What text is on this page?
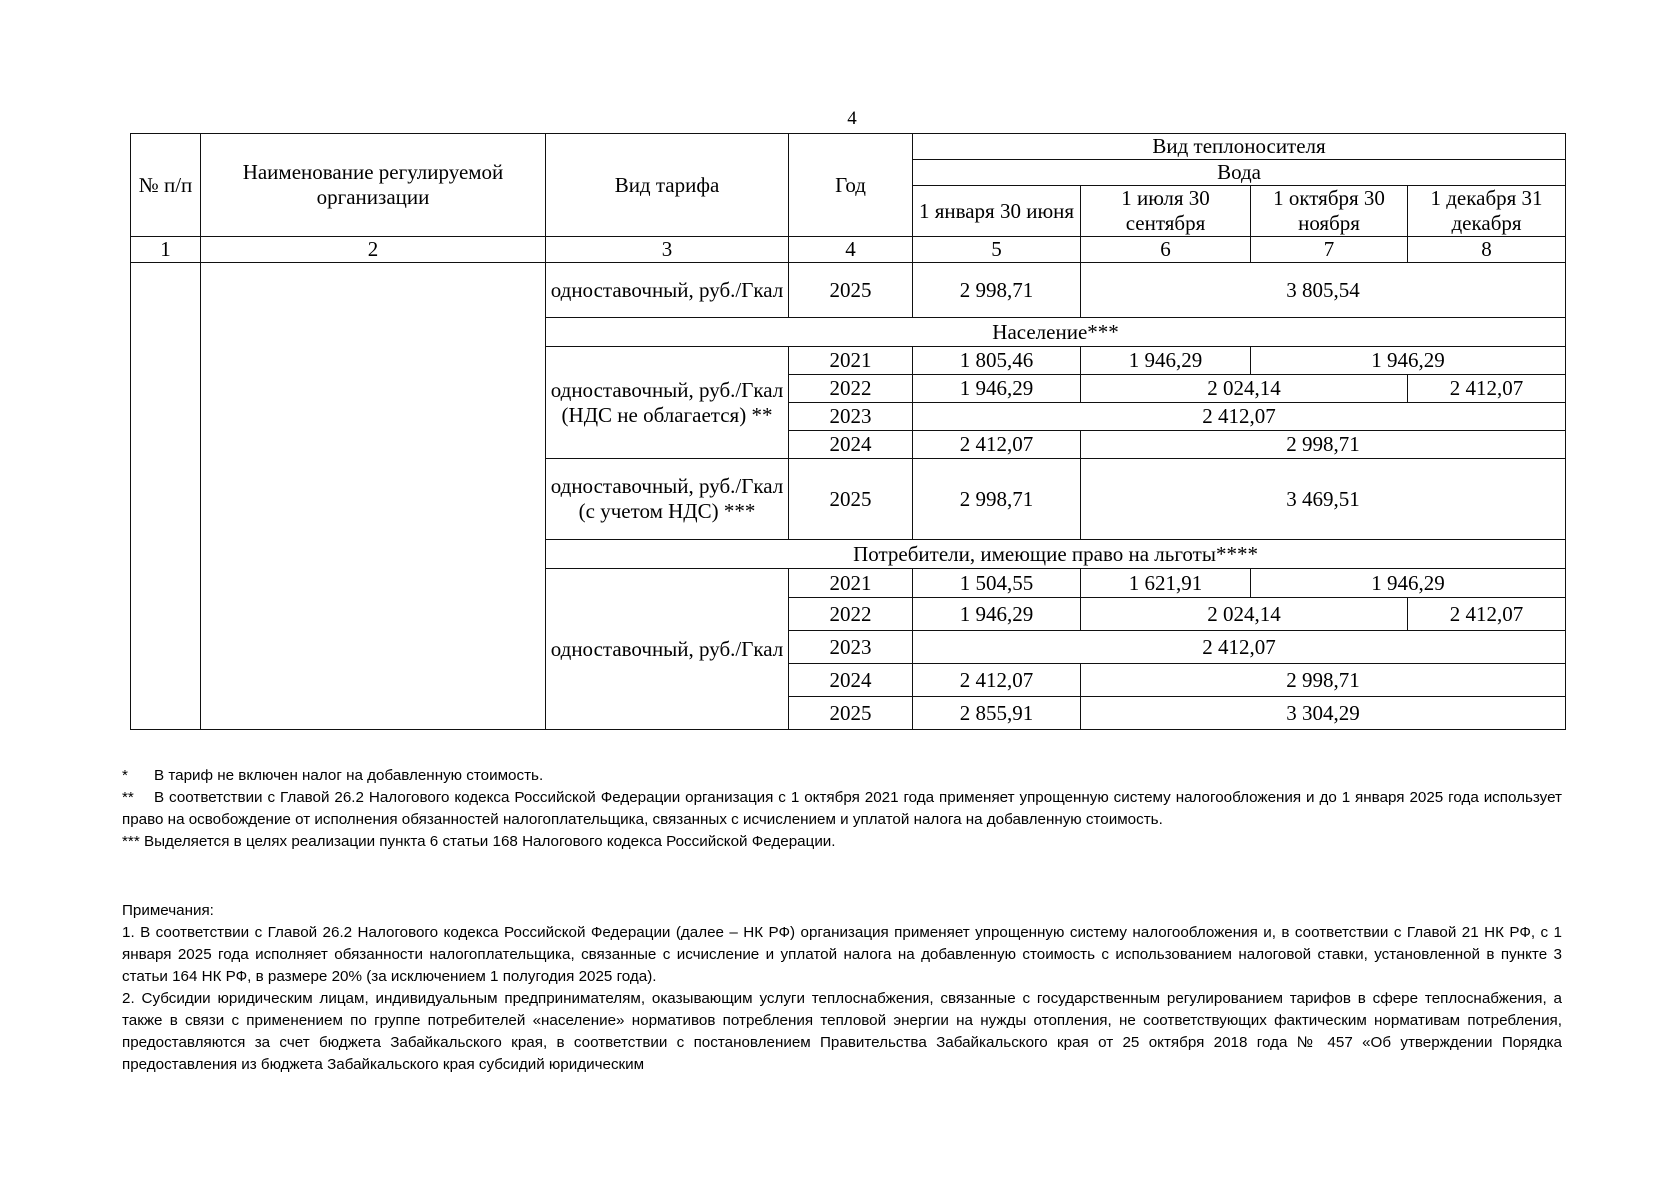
4
№ п/п	Наименование регулируемой организации	Вид тарифа	Год	Вид теплоносителя			
				Вода			
				1 января 30 июня	1 июля 30 сентября	1 октября 30 ноября	1 декабря 31 декабря
1	2	3	4	5	6	7	8
		одноставочный, руб./Гкал	2025	2 998,71	3 805,54		
		Население***					
		одноставочный, руб./Гкал (НДС не облагается) **	2021	1 805,46	1 946,29	1 946,29	
			2022	1 946,29	2 024,14		2 412,07
			2023	2 412,07			
			2024	2 412,07	2 998,71		
		одноставочный, руб./Гкал (с учетом НДС) ***	2025	2 998,71	3 469,51		
		Потребители, имеющие право на льготы****					
		одноставочный, руб./Гкал	2021	1 504,55	1 621,91	1 946,29	
			2022	1 946,29	2 024,14		2 412,07
			2023	2 412,07			
			2024	2 412,07	2 998,71		
			2025	2 855,91	3 304,29		

* В тариф не включен налог на добавленную стоимость.

** В соответствии с Главой 26.2 Налогового кодекса Российской Федерации организация с 1 октября 2021 года применяет упрощенную систему налогообложения и до 1 января 2025 года использует право на освобождение от исполнения обязанностей налогоплательщика, связанных с исчислением и уплатой налога на добавленную стоимость.

*** Выделяется в целях реализации пункта 6 статьи 168 Налогового кодекса Российской Федерации.

Примечания:

1. В соответствии с Главой 26.2 Налогового кодекса Российской Федерации (далее – НК РФ) организация применяет упрощенную систему налогообложения и, в соответствии с Главой 21 НК РФ, с 1 января 2025 года исполняет обязанности налогоплательщика, связанные с исчисление и уплатой налога на добавленную стоимость с использованием налоговой ставки, установленной в пункте 3 статьи 164 НК РФ, в размере 20% (за исключением 1 полугодия 2025 года).

2. Субсидии юридическим лицам, индивидуальным предпринимателям, оказывающим услуги теплоснабжения, связанные с государственным регулированием тарифов в сфере теплоснабжения, а также в связи с применением по группе потребителей «население» нормативов потребления тепловой энергии на нужды отопления, не соответствующих фактическим нормативам потребления, предоставляются за счет бюджета Забайкальского края, в соответствии с постановлением Правительства Забайкальского края от 25 октября 2018 года № 457 «Об утверждении Порядка предоставления из бюджета Забайкальского края субсидий юридическим
